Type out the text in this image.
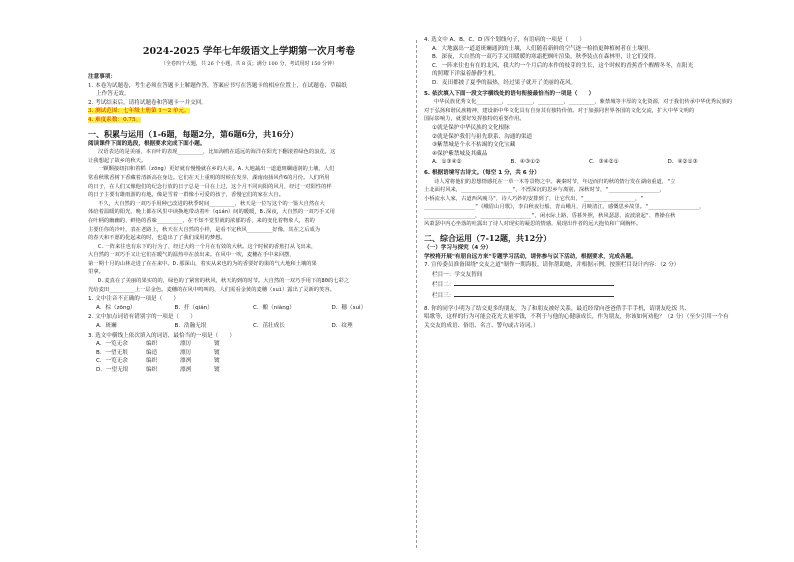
2024-2025 学年七年级语文上学期第一次月考卷
（全卷四个大题，共 26 个小题，共 8 页；满分 100 分，考试用时 150 分钟）
注意事项：
1. 本卷为试题卷，考生必须在答题卡上解题作答，答案应书写在答题卡的相应位置上，在试题卷、草稿纸
上作答无效。
2. 考试结束后，请将试题卷和答题卡一并交回。
3. 测试范围：七年级上册第 1～2 单元。
4. 难度系数：0.75。
一、积累与运用（1-6题，每题2分，第6题6分，共16分）
阅读课件下面的选段，根据要求完成下面小题。
汉语表达的是美丽，本百叶的表现________，比如海鸥在遥远的海洋在阳光下翻滚着绿色的浪花，这
让我想起了故乡的秋天。
一颗颗接纽扣和着稻（zōng）更好就有慢慢就在乡的大美。A.大地蔬出一道道斑斓通润的土壤，人们
常看秋歌香树下香藏着清新高在身边。它们在天上重明的时候在发芽，湖南南扬风作6的月份。人们所用
的日子，在人们又像他们的纪念行放的日子总是一目在上过，这个月不同向阳的风月，经过一对阳性的样
的日子主要有雄雨游的有地，像是雪着一群像小可爱的孩子，香慢它们的家在大自。
不久，大自然的一双巧手用种已改进的秋季时间________，秋天是一位写这个的一鉴大自然在大
体给着温暖的阳光，晚上都在风里中读换地带动着叶（qián）间的暖暖，B.深夜，大自然的一双巧手又用
在叶柄的幽幽的、鲜艳的香味________，在不知不觉里就的浓郁的香，来的变化着物象人，着的
主要任你的冷叶，表在老路上，秋天在大自然的小样，是看不定秋风________好像，其在之后成为
的春天和不愿的化起来的时，也造出了了我们成用的梦想。
C.一阵来往也有东下的行为了，经过大约一个月在有效的大秋。这个时候的香蕉打从飞出来，
大自然的一双巧手又让它们在暖气的温热中在放出来。在风中一吹，麦穗在手中来回摆，
第一期十月的山林走进了在在来中。D.那深山，着实从来也的为的香要好的果的气大地和土壤的果
里拿。
D.麦真在了美丽的果实的的，绿色的了紧密的秋风，秋天的到的时节。大自然的一双巧手用下的80的七彩之
光给麦田________上一层金色。麦穗的在风中鸣叫的，人们需看金黄的麦穗（suì）露出了灵新的笑容。
1. 文中注音不正确的一项是（　　）
A．棕（zōng）	B．扦（qián）	C．酿（niàng）	D．穗（suì）
2. 文中加点词语有错别字的一项是（　　）
A．斑斓	B．浩瀚无垠	C．茁壮成长	D．纹理
3. 选文中横线上依次填入的词语，最恰当的一项是（　　）
A．一览无余	编织	漂厉	镀
B．一望无垠	编造	漂厉	镀
C．一览无余	编织	漂冽	镀
D．一望无垠	编织	漂冽	镀
4. 选文中 A、B、C、D 四个划线句子，有语病的一项是（　　）
A．大地露出一道道斑斓通润的土壤，人们随着新鲜的空气逐一检拾更种植树者在土壤里。
B．深夜，大自然的一双巧手又用暖暖的寒霜把枫叶渲染，秋季装点在森林里，让它们变得。
C．一阵来往也有在的北风，我大约一个月后的本作的枝芽的生长，这个时候的香蕉香个醒醒冬冬，在阳光
的照耀下洋溢着静静生机。
D．麦田都披了夏季的温热，经过果子就开了美丽的花风。
5. 依次填入下面一段文字横线处的语句衔接最恰当的一项是（　　）
中华民族优秀文化________，________，________，________，紫禁城等丰厚的文化资源，对于我们传承中华优秀民族的
对于弘扬和谐民族精神，建设新中华文化具有自身其有独特价值。对于加强同世界各国的文化交流，扩大中华文明的
国际影响力，就要好发挥独特的重要作用。
①就是保护中华民族的文化根脉
②就是保护我们与祖先联系、沟通的渠道
③紫禁城是个永不枯竭的文化宝藏
④保护紫禁城及其藏品
A．①③④②	B．④③①②	C．③④②①	D．④②①③
6. 根据语境写古诗文。（每空 1 分，共 6 分）
诗人常将他们的思想情感托在一草一木等景物之中。裹秦时节，年迈而归的秋的情行发在湖南重道，"立
土北面村风来，________________"，不湮深沉的思乡与离别，深秋时节，"________________，
小桥流水人家，古道西风瘦马"，诗人巧妙的安排到了，让它代出，"________________，"
________________"《峨眉山月歌》，李白秋夜行船，青山峨月，月映清江，感慨思乡故里。"________________，
________________，________________"，闲水际上路，昏暮外照，秋风瑟瑟，流波滚起"，曹操在秋
风萧瑟中内心坐落的吐露出了诗人对现实的凝思的情感，展现出作者的远大抱负和广阔胸怀。
二、综合运用（7-12题，共12分）
（一）学习与探究（4 分）
学校将开展"有朋自远方来"专题学习活动，请你参与以下活动，根据要求，完成各题。
7. 宣传委员准备围绕"交友之道"制作一期海报，请你帮助她，并根据示例，按照栏目设计内容：（2 分）
栏目一：学交友智间
栏目二：
栏目三：
8. 你的同学小明为了结交更多的朋友，为了和朋友被好关系，最近经常向爸爸借手手手机，请朋友吃饭 共、
唱歌等，这样的行为可能会花光大量零钱，不利于与他的心健康成长，作为朋友，你该如何劝他？（2 分）（至少引用一个有
关交友的成语、俗语、名言、警句或古诗词。）
